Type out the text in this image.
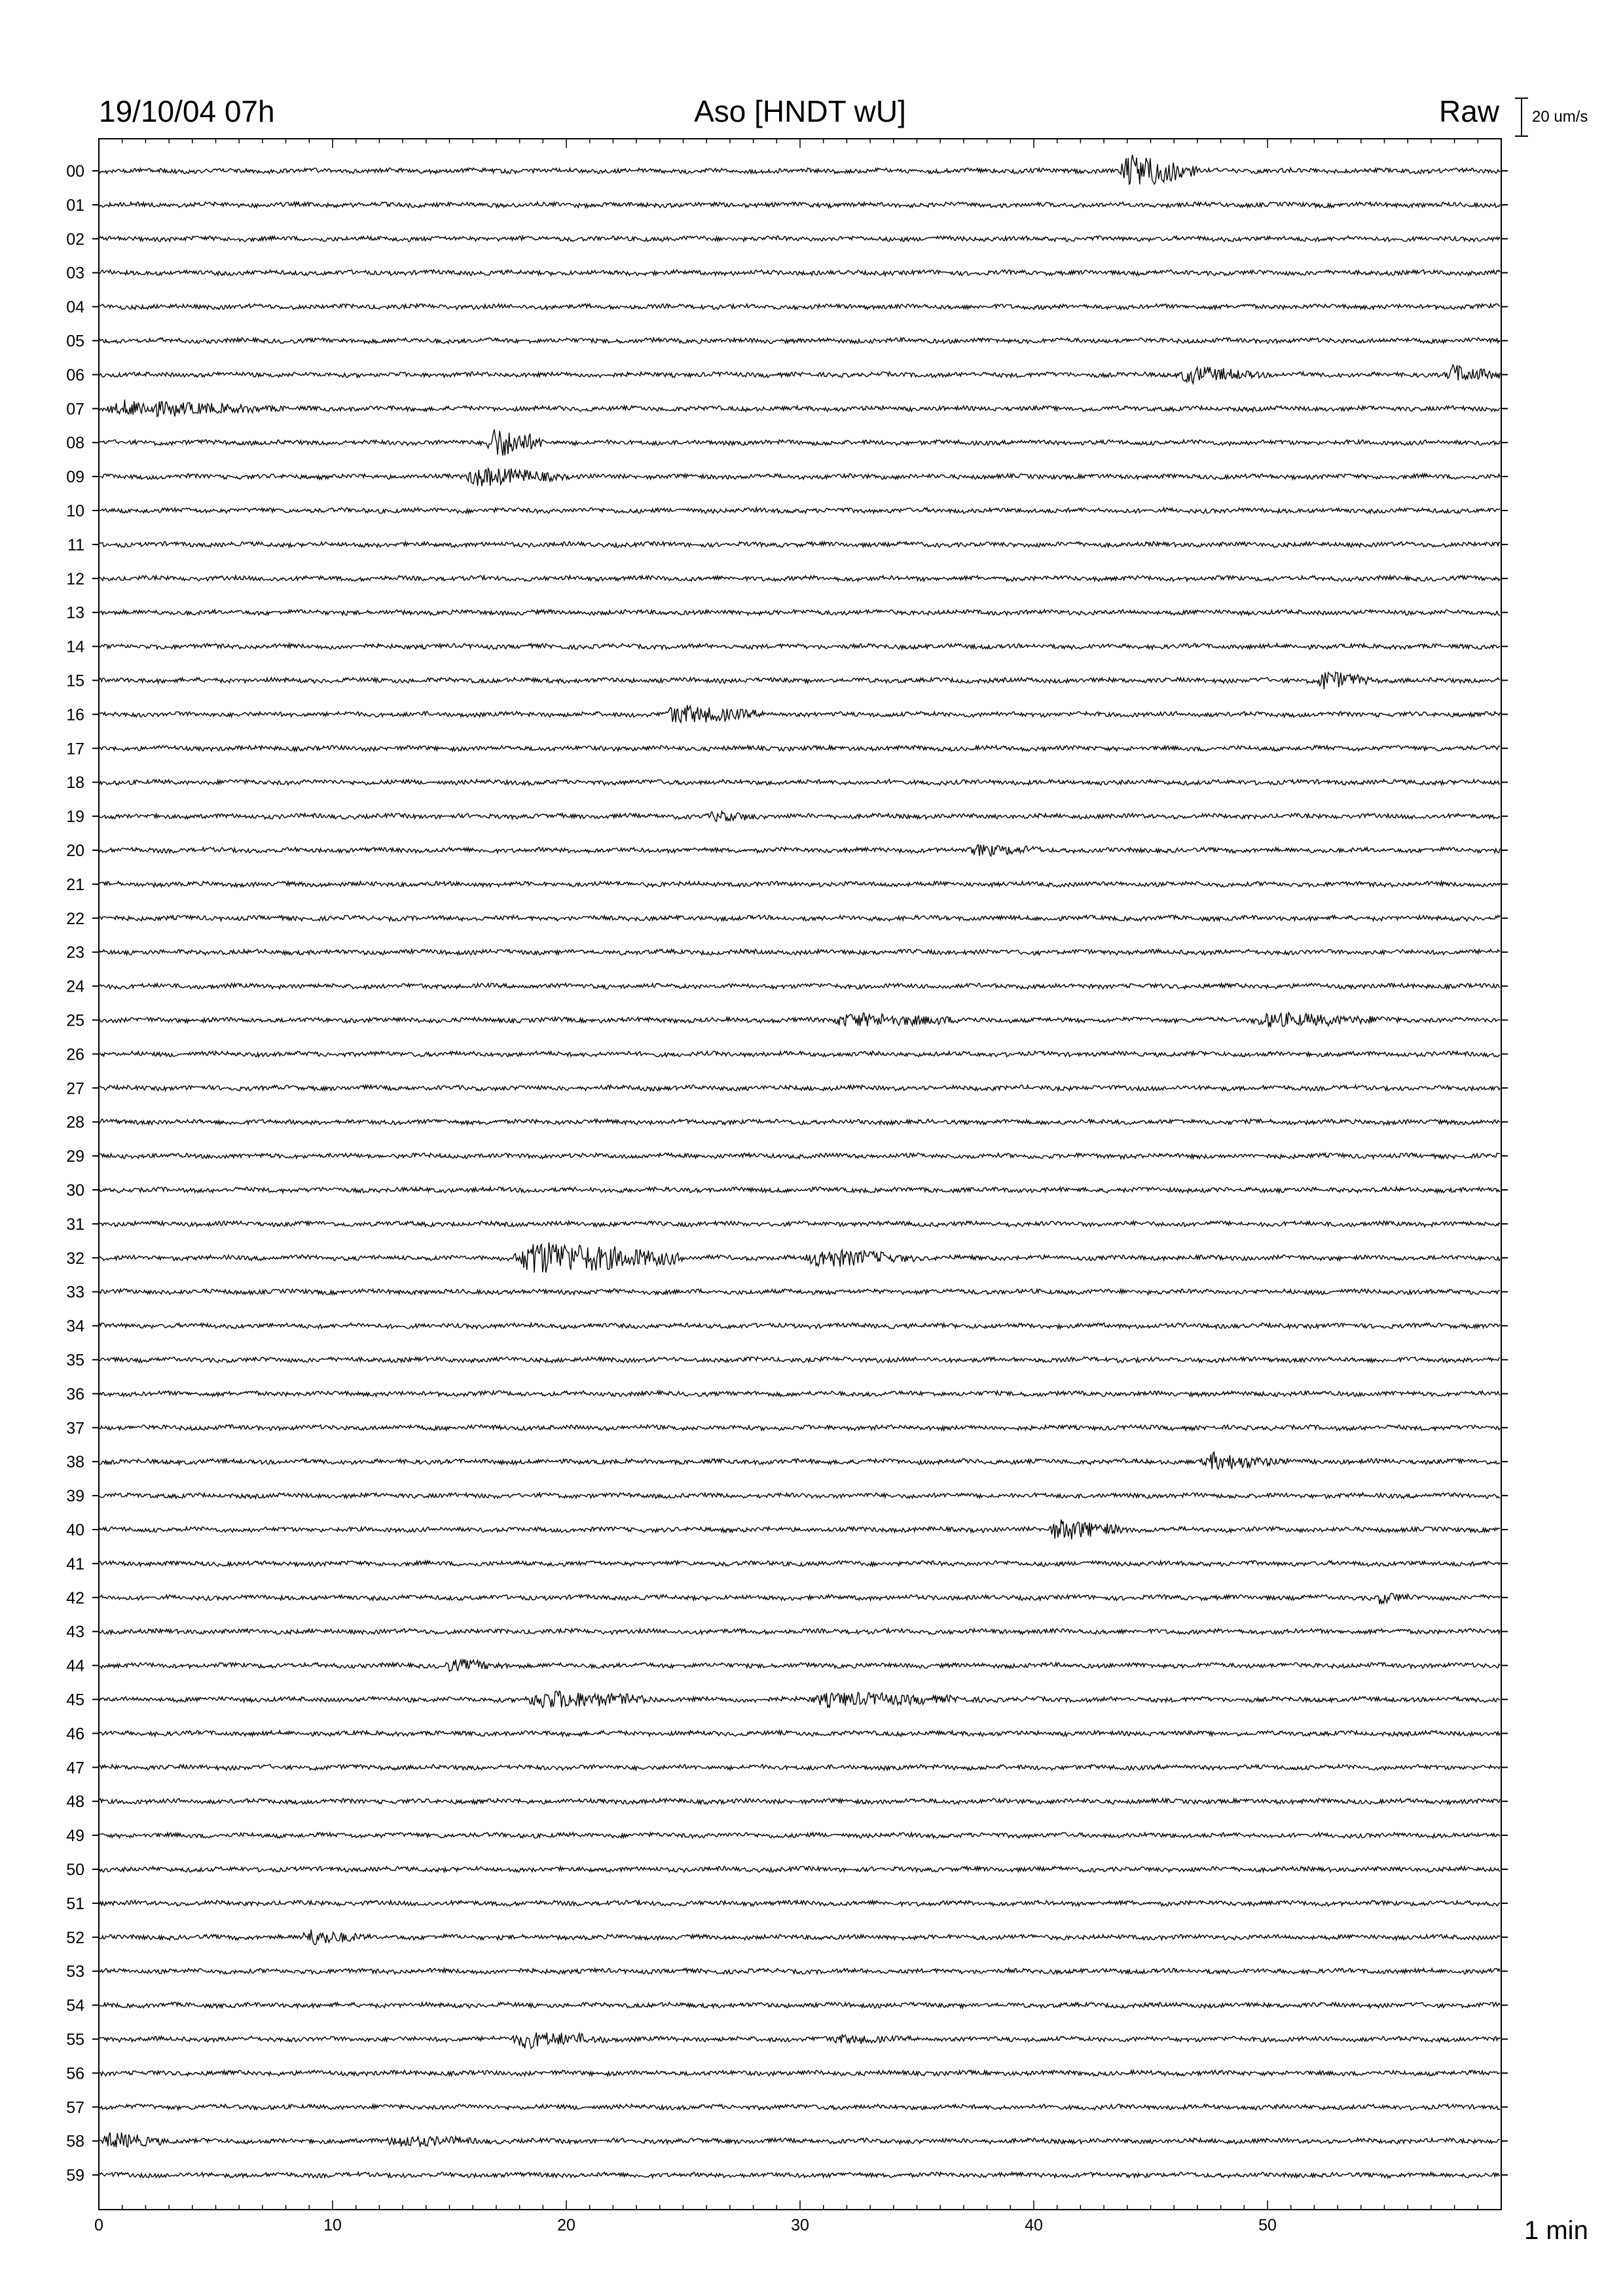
19/10/04 07h	Aso [HNDT wU]	Raw 20 um/s
00
01
02
03
04
05
06
07
08
09
10
11
12
13
14
15
16
17
18
19
20
21
22
23
24
25
26
27
28
29
30
31
32
33
34
35
36
37
38
39
40
41
42
43
44
45
46
47
48
49
50
51
52
53
54
55
56
57
58
59
0	10	20	30	40	50	1 min
